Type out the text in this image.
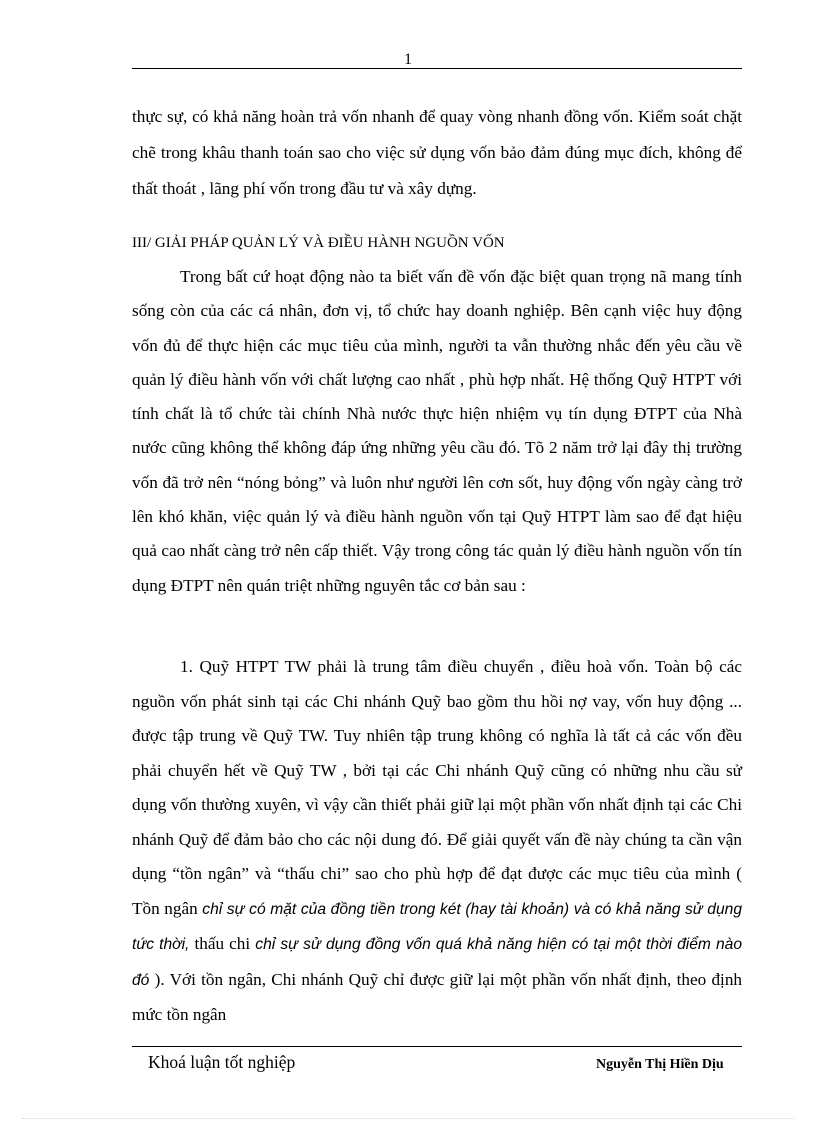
1

thực sự, có khả năng hoàn trả vốn nhanh để quay vòng nhanh đồng vốn. Kiểm soát chặt chẽ trong khâu thanh toán sao cho việc sử dụng vốn bảo đảm đúng mục đích, không để thất thoát , lãng phí vốn trong đầu tư và xây dựng.

III/ GIẢI PHÁP QUẢN LÝ VÀ ĐIỀU HÀNH NGUỒN VỐN

Trong bất cứ hoạt động nào ta biết vấn đề vốn đặc biệt quan trọng nã mang tính sống còn của các cá nhân, đơn vị, tổ chức hay doanh nghiệp. Bên cạnh việc huy động vốn đủ để thực hiện các mục tiêu của mình, người ta vẫn thường nhắc đến yêu cầu về quản lý điều hành vốn với chất lượng cao nhất , phù hợp nhất. Hệ thống Quỹ HTPT với tính chất là tổ chức tài chính Nhà nước thực hiện nhiệm vụ tín dụng ĐTPT của Nhà nước cũng không thể không đáp ứng những yêu cầu đó. Tõ 2 năm trở lại đây thị trường vốn đã trở nên “nóng bỏng” và luôn như người lên cơn sốt, huy động vốn ngày càng trở lên khó khăn, việc quản lý và điều hành nguồn vốn tại Quỹ HTPT làm sao để đạt hiệu quả cao nhất càng trở nên cấp thiết. Vậy trong công tác quản lý điều hành nguồn vốn tín dụng ĐTPT nên quán triệt những nguyên tắc cơ bản sau :

1. Quỹ HTPT TW phải là trung tâm điều chuyển , điều hoà vốn. Toàn bộ các nguồn vốn phát sinh tại các Chi nhánh Quỹ bao gồm thu hồi nợ vay, vốn huy động ... được tập trung về Quỹ TW. Tuy nhiên tập trung không có nghĩa là tất cả các vốn đều phải chuyển hết về Quỹ TW , bởi tại các Chi nhánh Quỹ cũng có những nhu cầu sử dụng vốn thường xuyên, vì vậy cần thiết phải giữ lại một phần vốn nhất định tại các Chi nhánh Quỹ để đảm bảo cho các nội dung đó. Để giải quyết vấn đề này chúng ta cần vận dụng “tồn ngân” và “thấu chi” sao cho phù hợp để đạt được các mục tiêu của mình ( Tồn ngân chỉ sự có mặt của đồng tiền trong két (hay tài khoản) và có khả năng sử dụng tức thời, thấu chi chỉ sự sử dụng đồng vốn quá khả năng hiện có tại một thời điểm nào đó ). Với tồn ngân, Chi nhánh Quỹ chỉ được giữ lại một phần vốn nhất định, theo định mức tồn ngân

Khoá luận tốt nghiệp	Nguyễn Thị Hiền Dịu
